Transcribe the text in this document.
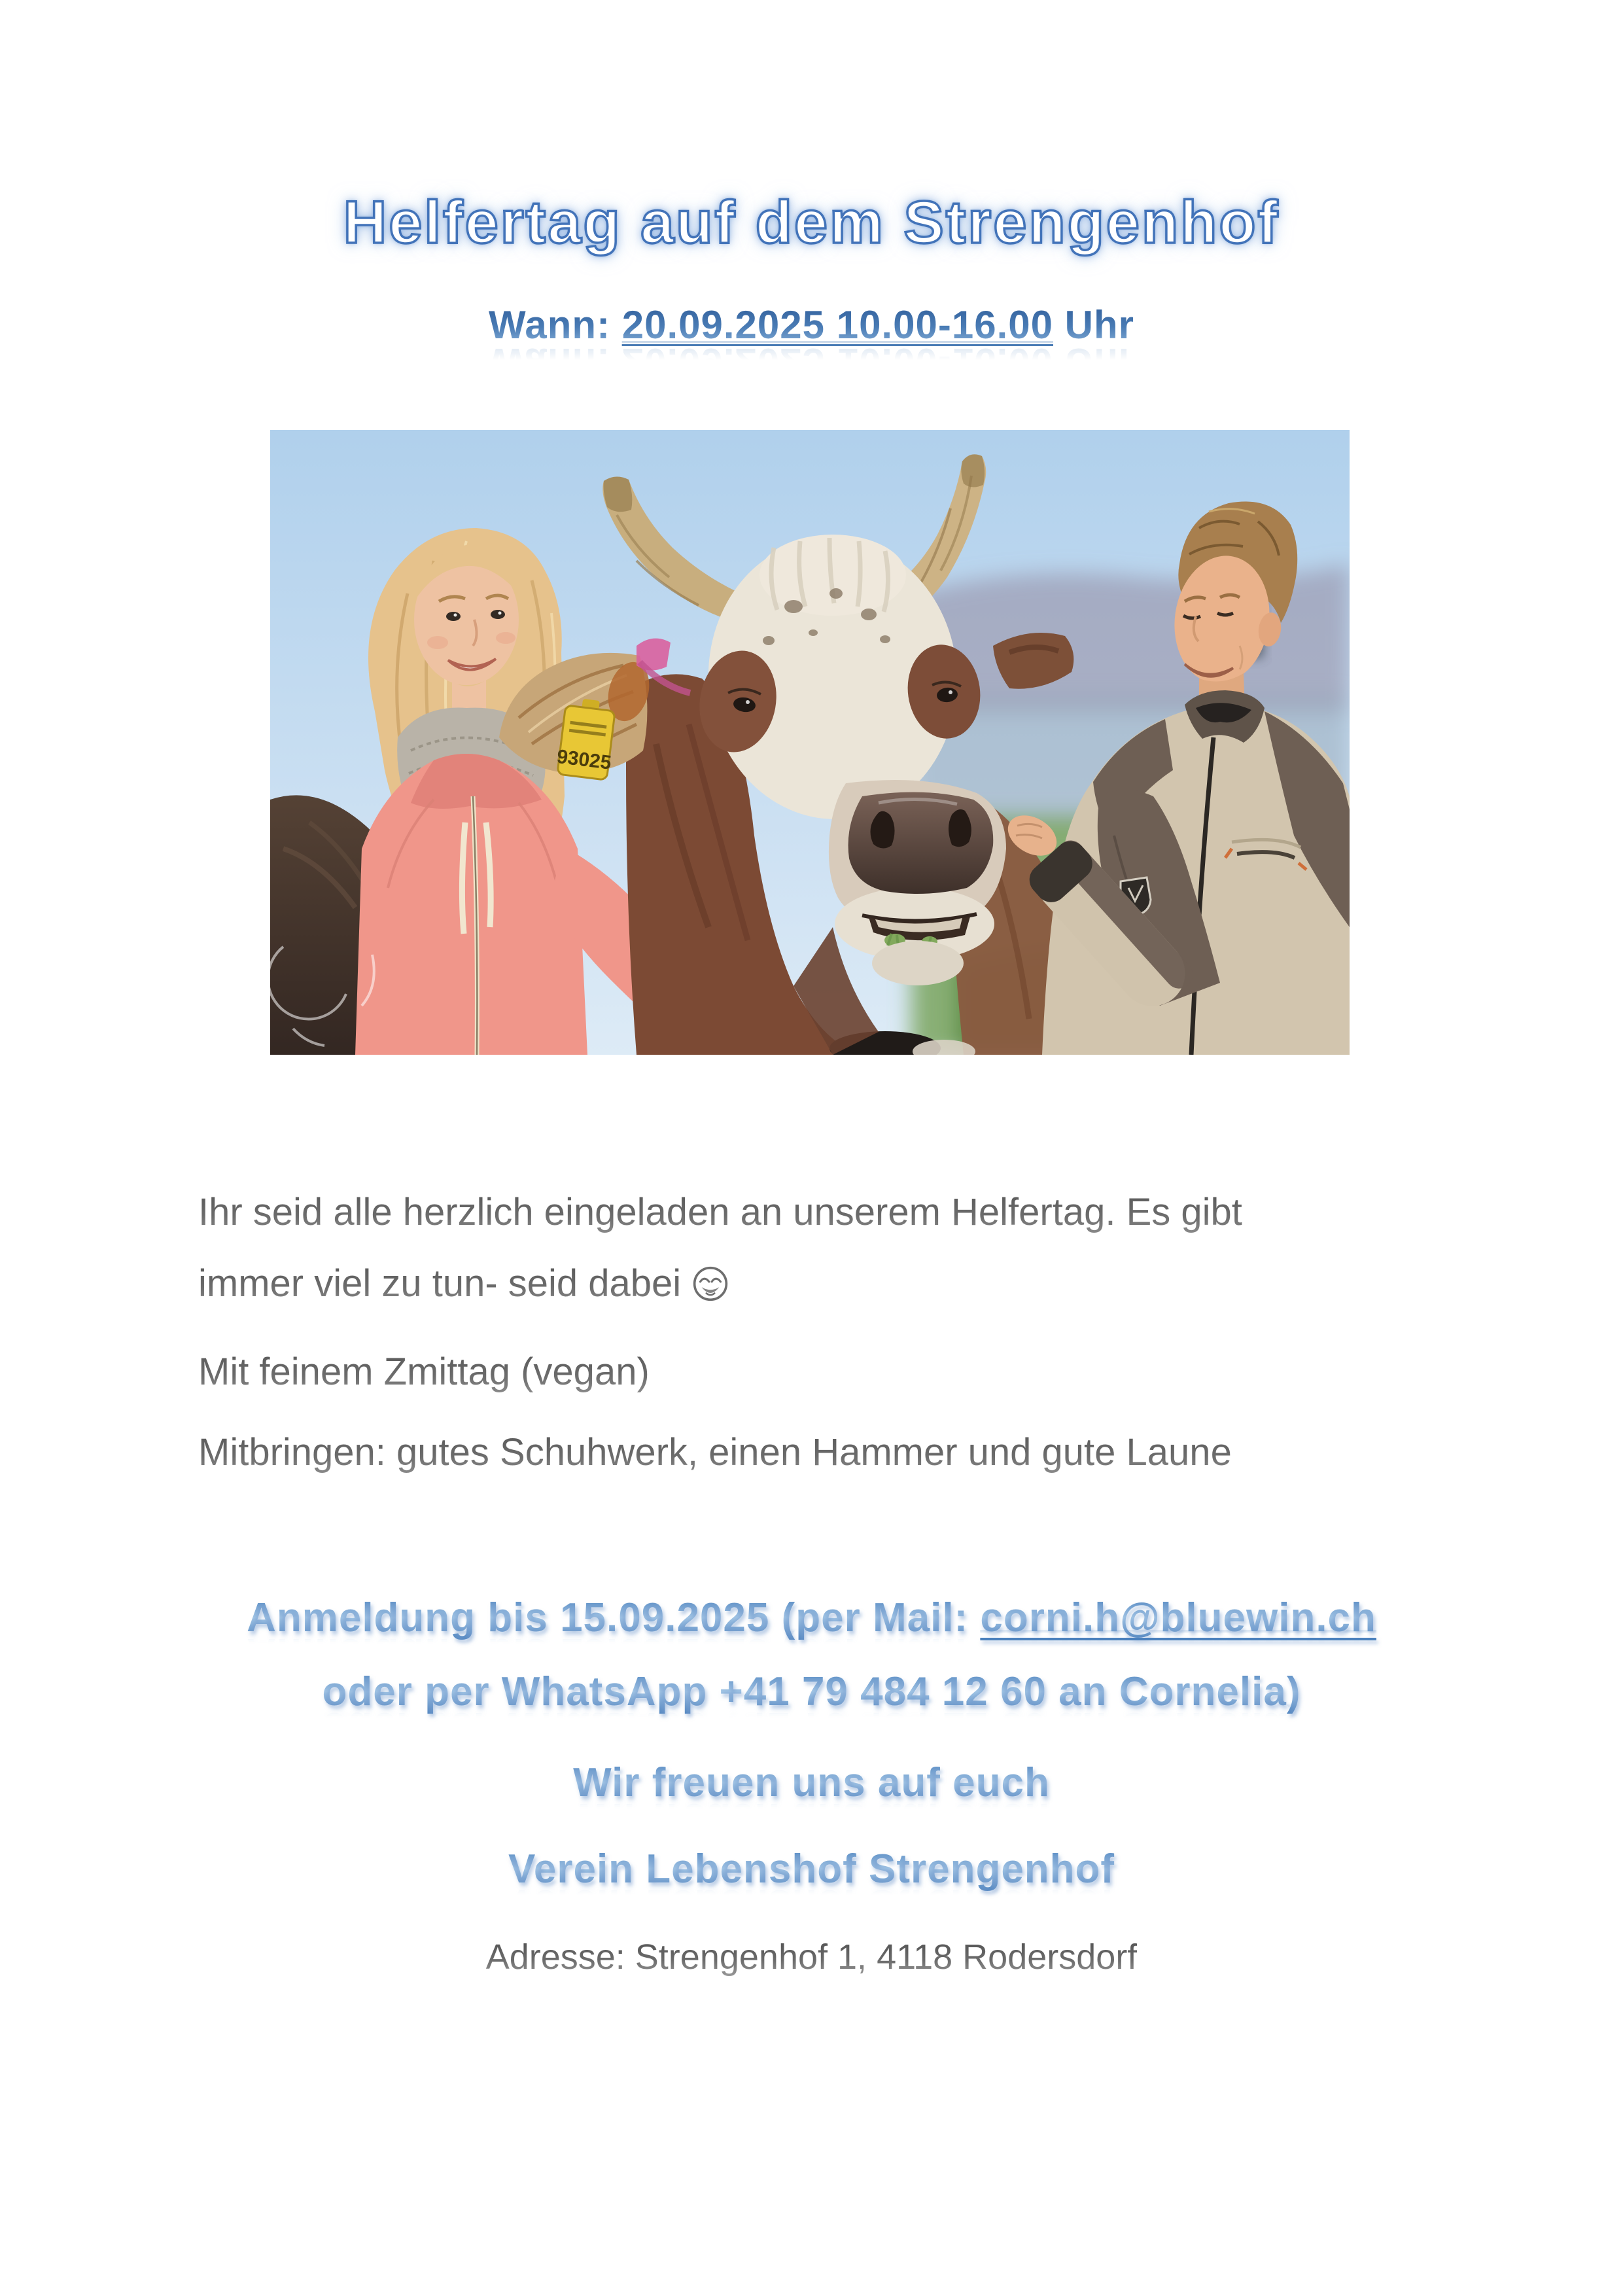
Helfertag auf dem Strengenhof
Wann: 20.09.2025 10.00-16.00 Uhr
93025
Ihr seid alle herzlich eingeladen an unserem Helfertag. Es gibt
immer viel zu tun- seid dabei
Mit feinem Zmittag (vegan)
Mitbringen: gutes Schuhwerk, einen Hammer und gute Laune
Anmeldung bis 15.09.2025 (per Mail: corni.h@bluewin.ch
oder per WhatsApp +41 79 484 12 60 an Cornelia)
Wir freuen uns auf euch
Verein Lebenshof Strengenhof
Adresse: Strengenhof 1, 4118 Rodersdorf
